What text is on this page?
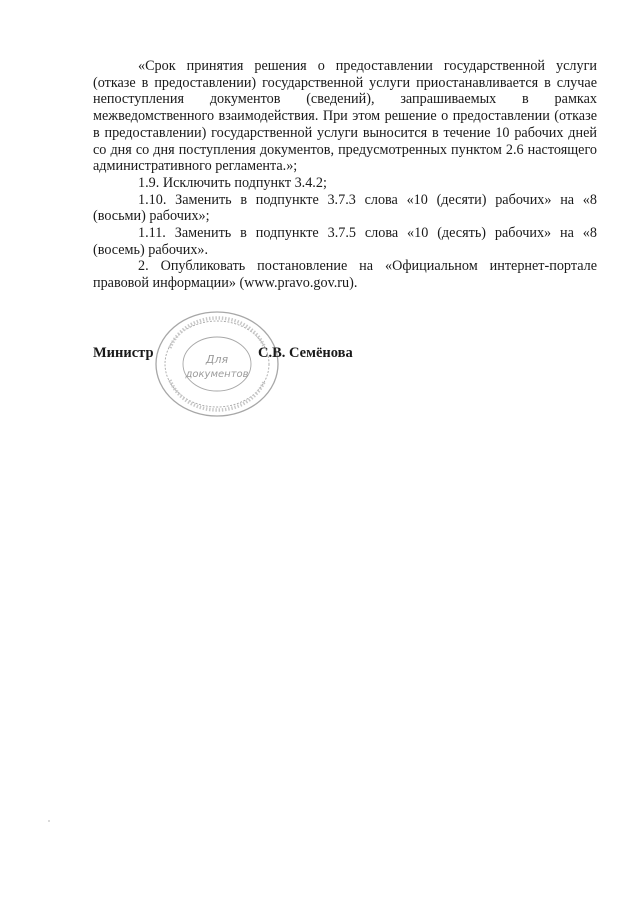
«Срок принятия решения о предоставлении государственной услуги (отказе в предоставлении) государственной услуги приостанавливается в случае непоступления документов (сведений), запрашиваемых в рамках межведомственного взаимодействия. При этом решение о предоставлении (отказе в предоставлении) государственной услуги выносится в течение 10 рабочих дней со дня со дня поступления документов, предусмотренных пунктом 2.6 настоящего административного регламента.»;

1.9. Исключить подпункт 3.4.2;

1.10. Заменить в подпункте 3.7.3 слова «10 (десяти) рабочих» на «8 (восьми) рабочих»;

1.11. Заменить в подпункте 3.7.5 слова «10 (десять) рабочих» на «8 (восемь) рабочих».

2. Опубликовать постановление на «Официальном интернет-портале правовой информации» (www.pravo.gov.ru).

Для
документов
Министр	С.В. Семёнова
